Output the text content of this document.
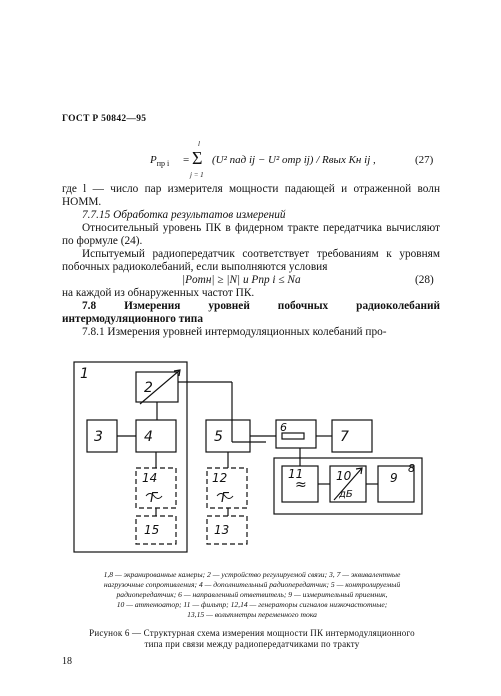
ГОСТ Р 50842—95
$P_{пр i}$ =
l
Σ
j = 1
(U² пад ij − U² отр ij) / Rвых Kн ij ,	(27)
где l — число пар измерителя мощности падающей и отраженной волн НОММ.
7.7.15 Обработка результатов измерений
Относительный уровень ПК в фидерном тракте передатчика вычисляют по формуле (24).
Испытуемый радиопередатчик соответствует требованиям к уровням побочных радиоколебаний, если выполняются условия
|Pотн| ≥ |N| и Pпр i ≤ Nа	(28)
на каждой из обнаруженных частот ПК.
7.8 Измерения уровней побочных радиоколебаний интермодуляционного типа
7.8.1 Измерения уровней интермодуляционных колебаний про-
Г	Г
≈
дБ
1
2
3	4	5
6
7
8
9
10
11
12
13
14
15
1,8 — экранированные камеры; 2 — устройство регулируемой связи; 3, 7 — эквивалентные
нагрузочные сопротивления; 4 — дополнительный радиопередатчик; 5 — контролируемый
радиопередатчик; 6 — направленный ответвитель; 9 — измерительный приемник,
10 — аттенюатор; 11 — фильтр; 12,14 — генераторы сигналов низкочастотные;
13,15 — вольтметры переменного тока
Рисунок 6 — Структурная схема измерения мощности ПК интермодуляционного
типа при связи между радиопередатчиками по тракту
18
